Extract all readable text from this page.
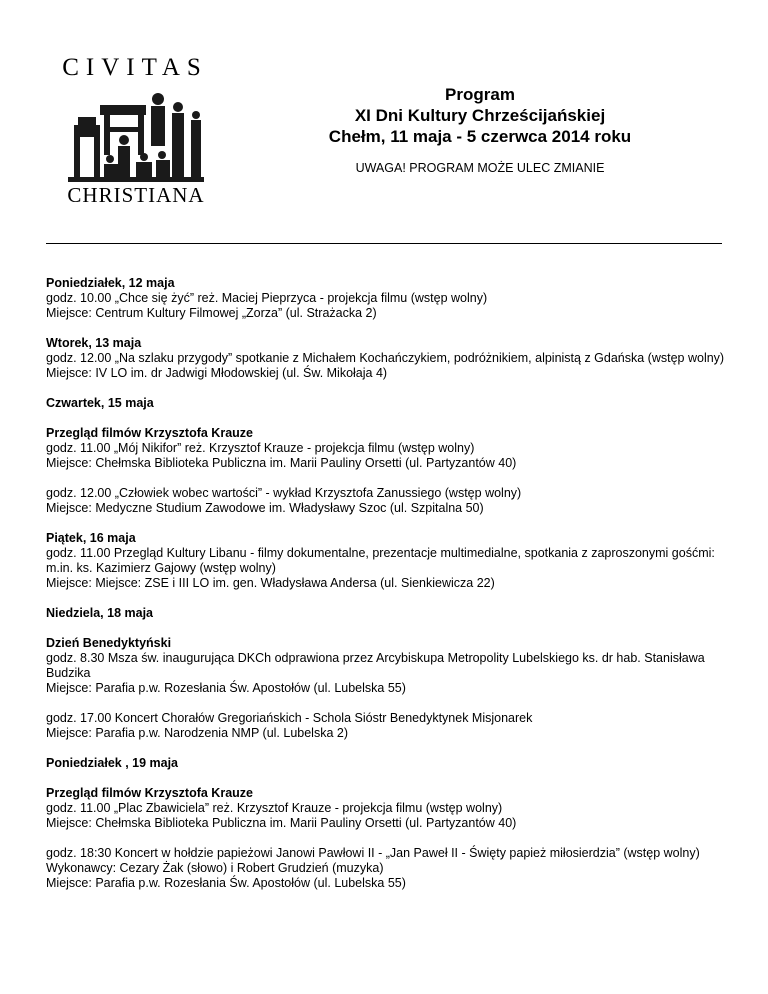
CIVITAS
CHRISTIANA
Program
XI Dni Kultury Chrześcijańskiej
Chełm, 11 maja - 5 czerwca 2014 roku
UWAGA! PROGRAM MOŻE ULEC ZMIANIE

Poniedziałek, 12 maja

godz. 10.00 „Chce się żyć” reż. Maciej Pieprzyca - projekcja filmu (wstęp wolny)

Miejsce: Centrum Kultury Filmowej „Zorza” (ul. Strażacka 2)

Wtorek, 13 maja

godz. 12.00 „Na szlaku przygody” spotkanie z Michałem Kochańczykiem, podróżnikiem, alpinistą z Gdańska (wstęp wolny)

Miejsce: IV LO im. dr Jadwigi Młodowskiej (ul. Św. Mikołaja 4)

Czwartek, 15 maja

Przegląd filmów Krzysztofa Krauze

godz. 11.00 „Mój Nikifor” reż. Krzysztof Krauze - projekcja filmu (wstęp wolny)

Miejsce: Chełmska Biblioteka Publiczna im. Marii Pauliny Orsetti (ul. Partyzantów 40)

godz. 12.00 „Człowiek wobec wartości” - wykład Krzysztofa Zanussiego (wstęp wolny)

Miejsce: Medyczne Studium Zawodowe im. Władysławy Szoc (ul. Szpitalna 50)

Piątek, 16 maja

godz. 11.00 Przegląd Kultury Libanu - filmy dokumentalne, prezentacje multimedialne, spotkania z zaproszonymi gośćmi: m.in. ks. Kazimierz Gajowy (wstęp wolny)

Miejsce: Miejsce: ZSE i III LO im. gen. Władysława Andersa (ul. Sienkiewicza 22)

Niedziela, 18 maja

Dzień Benedyktyński

godz. 8.30 Msza św. inaugurująca DKCh odprawiona przez Arcybiskupa Metropolity Lubelskiego ks. dr hab. Stanisława Budzika

Miejsce: Parafia p.w. Rozesłania Św. Apostołów (ul. Lubelska 55)

godz. 17.00 Koncert Chorałów Gregoriańskich - Schola Sióstr Benedyktynek Misjonarek

Miejsce: Parafia p.w. Narodzenia NMP (ul. Lubelska 2)

Poniedziałek , 19 maja

Przegląd filmów Krzysztofa Krauze

godz. 11.00 „Plac Zbawiciela” reż. Krzysztof Krauze - projekcja filmu (wstęp wolny)

Miejsce: Chełmska Biblioteka Publiczna im. Marii Pauliny Orsetti (ul. Partyzantów 40)

godz. 18:30 Koncert w hołdzie papieżowi Janowi Pawłowi II - „Jan Paweł II - Święty papież miłosierdzia” (wstęp wolny)

Wykonawcy: Cezary Żak (słowo) i Robert Grudzień (muzyka)

Miejsce: Parafia p.w. Rozesłania Św. Apostołów (ul. Lubelska 55)
